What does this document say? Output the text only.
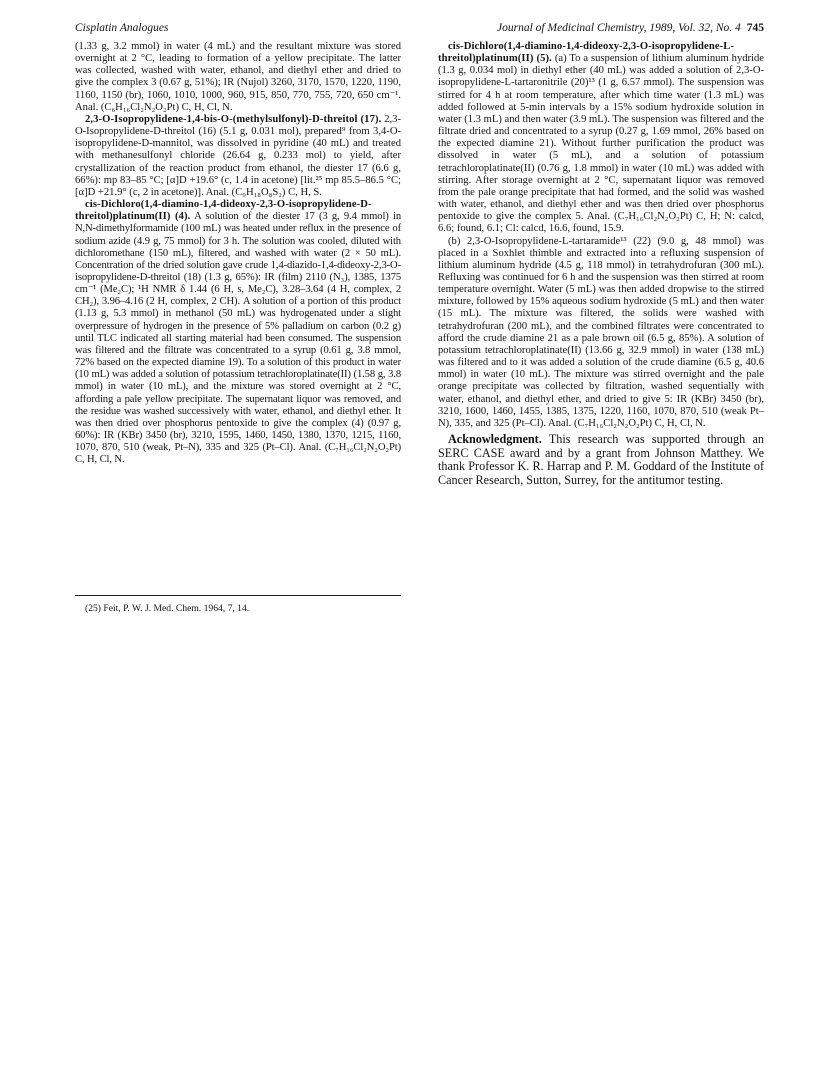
Cisplatin Analogues	Journal of Medicinal Chemistry, 1989, Vol. 32, No. 4 745

(1.33 g, 3.2 mmol) in water (4 mL) and the resultant mixture was stored overnight at 2 °C, leading to formation of a yellow precipitate. The latter was collected, washed with water, ethanol, and diethyl ether and dried to give the complex 3 (0.67 g, 51%); IR (Nujol) 3260, 3170, 1570, 1220, 1190, 1160, 1150 (br), 1060, 1010, 1000, 960, 915, 850, 770, 755, 720, 650 cm⁻¹. Anal. (C₆H₁₆Cl₂N₂O₂Pt) C, H, Cl, N.

2,3-O-Isopropylidene-1,4-bis-O-(methylsulfonyl)-D-threitol (17). 2,3-O-Isopropylidene-D-threitol (16) (5.1 g, 0.031 mol), prepared⁹ from 3,4-O-isopropylidene-D-mannitol, was dissolved in pyridine (40 mL) and treated with methanesulfonyl chloride (26.64 g, 0.233 mol) to yield, after crystallization of the reaction product from ethanol, the diester 17 (6.6 g, 66%): mp 83–85 °C; [α]D +19.6° (c, 1.4 in acetone) [lit.²⁵ mp 85.5–86.5 °C; [α]D +21.9° (c, 2 in acetone)]. Anal. (C₉H₁₈O₈S₂) C, H, S.

cis-Dichloro(1,4-diamino-1,4-dideoxy-2,3-O-isopropylidene-D-threitol)platinum(II) (4). A solution of the diester 17 (3 g, 9.4 mmol) in N,N-dimethylformamide (100 mL) was heated under reflux in the presence of sodium azide (4.9 g, 75 mmol) for 3 h. The solution was cooled, diluted with dichloromethane (150 mL), filtered, and washed with water (2 × 50 mL). Concentration of the dried solution gave crude 1,4-diazido-1,4-dideoxy-2,3-O-isopropylidene-D-threitol (18) (1.3 g, 65%): IR (film) 2110 (N₃), 1385, 1375 cm⁻¹ (Me₂C); ¹H NMR δ 1.44 (6 H, s, Me₂C), 3.28–3.64 (4 H, complex, 2 CH₂), 3.96–4.16 (2 H, complex, 2 CH). A solution of a portion of this product (1.13 g, 5.3 mmol) in methanol (50 mL) was hydrogenated under a slight overpressure of hydrogen in the presence of 5% palladium on carbon (0.2 g) until TLC indicated all starting material had been consumed. The suspension was filtered and the filtrate was concentrated to a syrup (0.61 g, 3.8 mmol, 72% based on the expected diamine 19). To a solution of this product in water (10 mL) was added a solution of potassium tetrachloroplatinate(II) (1.58 g, 3.8 mmol) in water (10 mL), and the mixture was stored overnight at 2 °C, affording a pale yellow precipitate. The supernatant liquor was removed, and the residue was washed successively with water, ethanol, and diethyl ether. It was then dried over phosphorus pentoxide to give the complex (4) (0.97 g, 60%): IR (KBr) 3450 (br), 3210, 1595, 1460, 1450, 1380, 1370, 1215, 1160, 1070, 870, 510 (weak, Pt–N), 335 and 325 (Pt–Cl). Anal. (C₇H₁₆Cl₂N₂O₂Pt) C, H, Cl, N.

(25) Feit, P. W. J. Med. Chem. 1964, 7, 14.

cis-Dichloro(1,4-diamino-1,4-dideoxy-2,3-O-isopropylidene-L-threitol)platinum(II) (5). (a) To a suspension of lithium aluminum hydride (1.3 g, 0.034 mol) in diethyl ether (40 mL) was added a solution of 2,3-O-isopropylidene-L-tartaronitrile (20)¹³ (1 g, 6.57 mmol). The suspension was stirred for 4 h at room temperature, after which time water (1.3 mL) was added followed at 5-min intervals by a 15% sodium hydroxide solution in water (1.3 mL) and then water (3.9 mL). The suspension was filtered and the filtrate dried and concentrated to a syrup (0.27 g, 1.69 mmol, 26% based on the expected diamine 21). Without further purification the product was dissolved in water (5 mL), and a solution of potassium tetrachloroplatinate(II) (0.76 g, 1.8 mmol) in water (10 mL) was added with stirring. After storage overnight at 2 °C, supernatant liquor was removed from the pale orange precipitate that had formed, and the solid was washed with water, ethanol, and diethyl ether and was then dried over phosphorus pentoxide to give the complex 5. Anal. (C₇H₁₆Cl₂N₂O₂Pt) C, H; N: calcd, 6.6; found, 6.1; Cl: calcd, 16.6, found, 15.9.

(b) 2,3-O-Isopropylidene-L-tartaramide¹³ (22) (9.0 g, 48 mmol) was placed in a Soxhlet thimble and extracted into a refluxing suspension of lithium aluminum hydride (4.5 g, 118 mmol) in tetrahydrofuran (300 mL). Refluxing was continued for 6 h and the suspension was then stirred at room temperature overnight. Water (5 mL) was then added dropwise to the stirred mixture, followed by 15% aqueous sodium hydroxide (5 mL) and then water (15 mL). The mixture was filtered, the solids were washed with tetrahydrofuran (200 mL), and the combined filtrates were concentrated to afford the crude diamine 21 as a pale brown oil (6.5 g, 85%). A solution of potassium tetrachloroplatinate(II) (13.66 g, 32.9 mmol) in water (138 mL) was filtered and to it was added a solution of the crude diamine (6.5 g, 40.6 mmol) in water (10 mL). The mixture was stirred overnight and the pale orange precipitate was collected by filtration, washed sequentially with water, ethanol, and diethyl ether, and dried to give 5: IR (KBr) 3450 (br), 3210, 1600, 1460, 1455, 1385, 1375, 1220, 1160, 1070, 870, 510 (weak Pt–N), 335, and 325 (Pt–Cl). Anal. (C₇H₁₆Cl₂N₂O₂Pt) C, H, Cl, N.

Acknowledgment. This research was supported through an SERC CASE award and by a grant from Johnson Matthey. We thank Professor K. R. Harrap and P. M. Goddard of the Institute of Cancer Research, Sutton, Surrey, for the antitumor testing.
